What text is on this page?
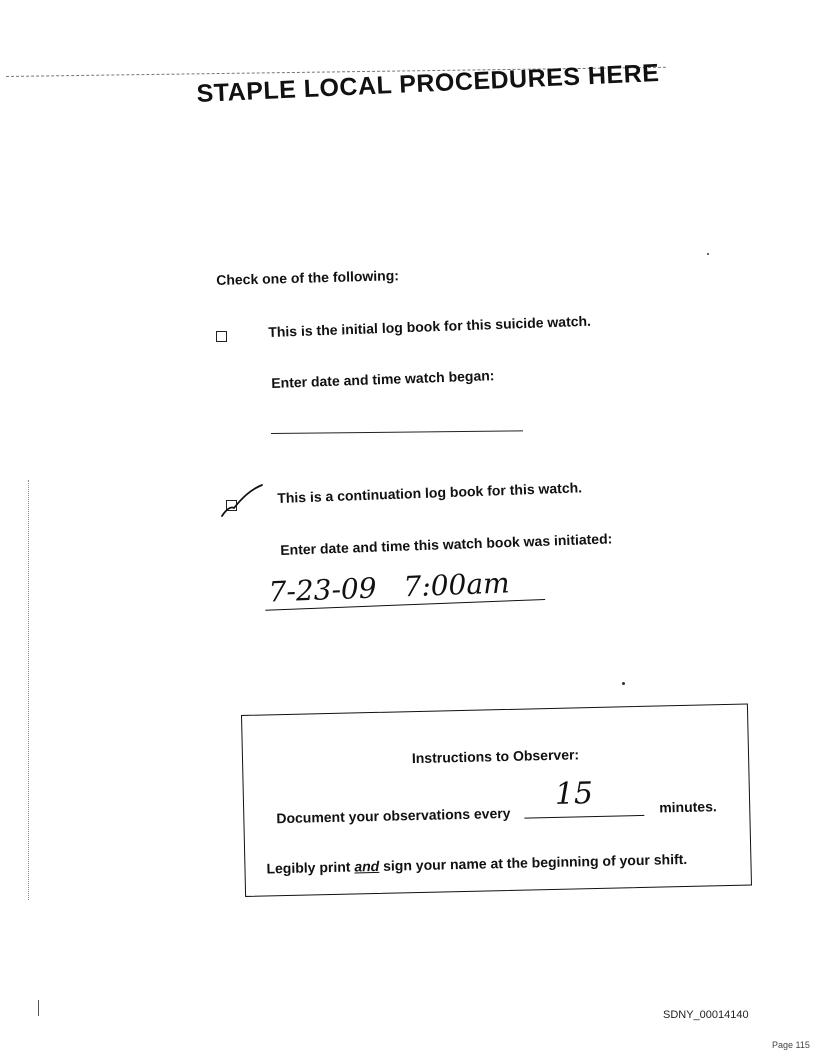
STAPLE LOCAL PROCEDURES HERE
Check one of the following:
This is the initial log book for this suicide watch.
Enter date and time watch began:
This is a continuation log book for this watch.
Enter date and time this watch book was initiated:
7-23-09 7:00am
Instructions to Observer:
Document your observations every
15	minutes.
Legibly print and sign your name at the beginning of your shift.
SDNY_00014140
Page 115
